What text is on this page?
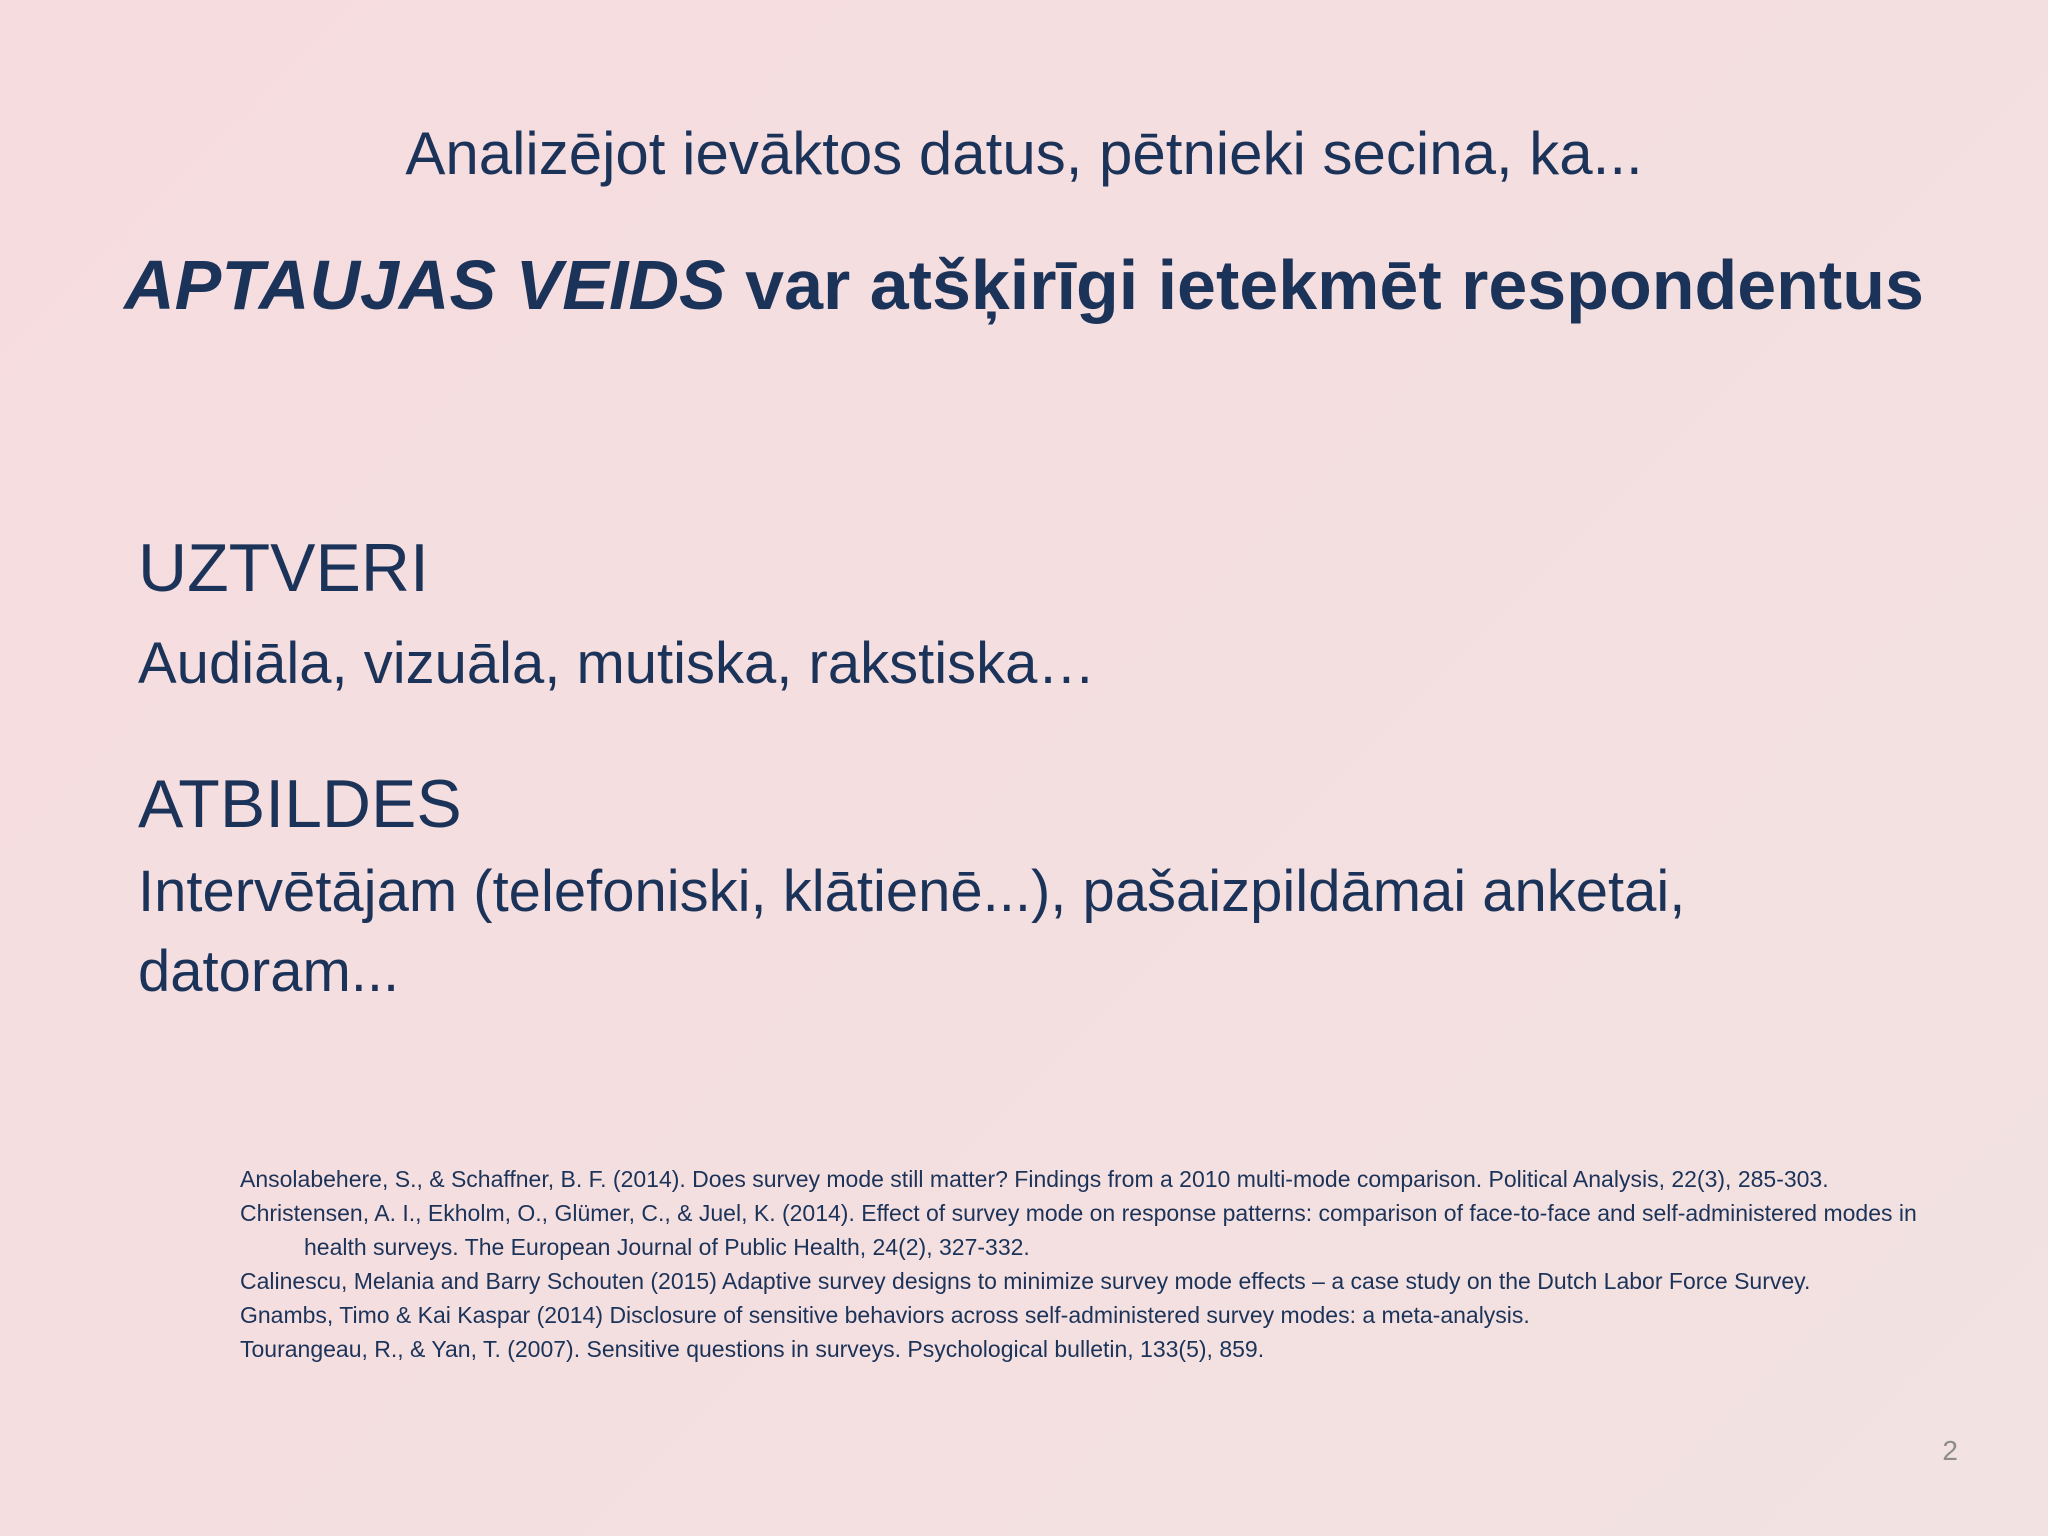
Analizējot ievāktos datus, pētnieki secina, ka...
APTAUJAS VEIDS var atšķirīgi ietekmēt respondentus
UZTVERI
Audiāla, vizuāla, mutiska, rakstiska…
ATBILDES
Intervētājam (telefoniski, klātienē...), pašaizpildāmai anketai, datoram...
Ansolabehere, S., & Schaffner, B. F. (2014). Does survey mode still matter? Findings from a 2010 multi-mode comparison. Political Analysis, 22(3), 285-303.
Christensen, A. I., Ekholm, O., Glümer, C., & Juel, K. (2014). Effect of survey mode on response patterns: comparison of face-to-face and self-administered modes in health surveys. The European Journal of Public Health, 24(2), 327-332.
Calinescu, Melania and Barry Schouten (2015) Adaptive survey designs to minimize survey mode effects – a case study on the Dutch Labor Force Survey.
Gnambs, Timo & Kai Kaspar (2014) Disclosure of sensitive behaviors across self-administered survey modes: a meta-analysis.
Tourangeau, R., & Yan, T. (2007). Sensitive questions in surveys. Psychological bulletin, 133(5), 859.
2
